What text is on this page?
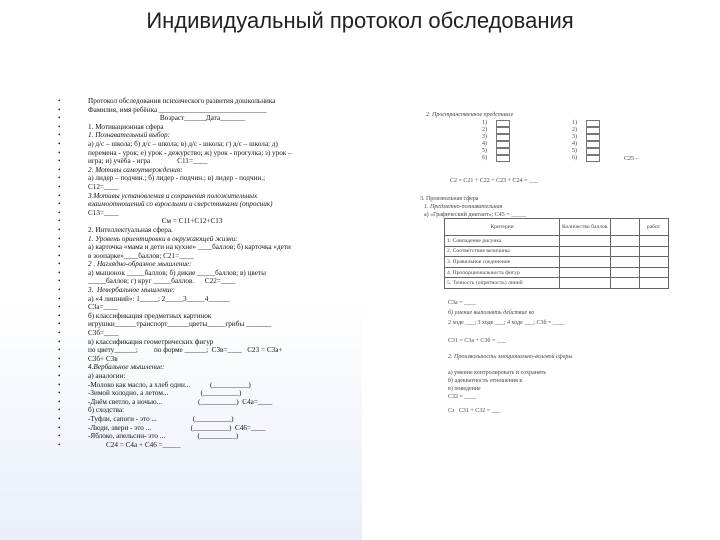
Индивидуальный протокол обследования
• Протокол обследования психического развития дошкольника
• Фамилия, имя ребёнка ______________________________
•                                         Возраст______Дата_______
• 1. Мотивационная сфера
• 1. Познавательный выбор:
• а) д/с – школа; б) д/с – школа; в) д/с - школа; г) д/с – школа; д)
• перемена - урок; е) урок - дежурство; ж) урок - прогулка; з) урок –
• игра; и) учёба - игра               С11=____
• 2. Мотивы самоутверждения:
• а) лидер – подчин.; б) лидер - подчин.; в) лидер - подчин.;
• С12=____
• 3.Мотивы установления и сохранения положительных
• взаимоотношений со взрослыми и сверстниками (опросник)
• С13=____
•                                          См = С11+С12+С13
• 2. Интеллектуальная сфера.
• 1. Уровень ориентировки в окружающей жизни:
• а) карточка «мама и дети на кухне» ____баллов; б) карточка «дети
• в зоопарке»____баллов; С21=____
• 2 . Наглядно-образное мышление:
• а) мышонок _____баллов; б) дикие _____баллов; в) цветы
• _____баллов; г) круг _____баллов.      С22=____
• 3.  Невербальное мышление:
• а) «4 лишний»: 1_____; 2_____3_____4______
• С3а=____
• б) классификация предметных картинок
• игрушки______транспорт______цветы_____грибы _______
• С3б=____
• в) классификация геометрических фигур
• по цвету______;         по форме ______;  С3в=____   С23 = С3а+
• С3б+ С3в
• 4.Вербальное мышление:
• а) аналогии:
• -Молоко как масло, а хлеб один...           (__________)
• -Зимой холодно, а летом...                  (__________)
• -Днём светло, а ночью...                    (__________)  С4а=____
• б) сходства:
• -Туфли, сапоги - это ...                    (__________)
• -Люди, звери - это ...                      (__________)  С46=____
• -Яблоко, апельсин- это ...                  (__________)
•           С24 = С4а + С46 =_____
2. Пространственное представле
1)	1)
2)	2)
3)	3)
4)	4)
5)	5)
6)	6)	С25 –
С2 = С21 + С22 + С23 + С24 = ___
3. Произвольная сфера
1. Предметно-познавательная
а) «Графический диктант»; С45 = _____
С3а = ____
б) умение выполнять действие ко
2 ходе ___; 3 ходе ___; 4 ходе ___; С3б = ____
С31 = С3а + С3б = ___
2. Произвольность эмоционально-волевой сферы
а) умение контролировать и сохранять
б) адекватность отношения к
в) поведение
С32 = ____
Сз   С31 + С32 = ___
Критерии	Количество баллов		работ
1. Совпадение рисунка			
2. Соответствие величины			
3. Правильное соединение			
4. Пропорциональность фигур			
5. Точность (опрятность) линий			
